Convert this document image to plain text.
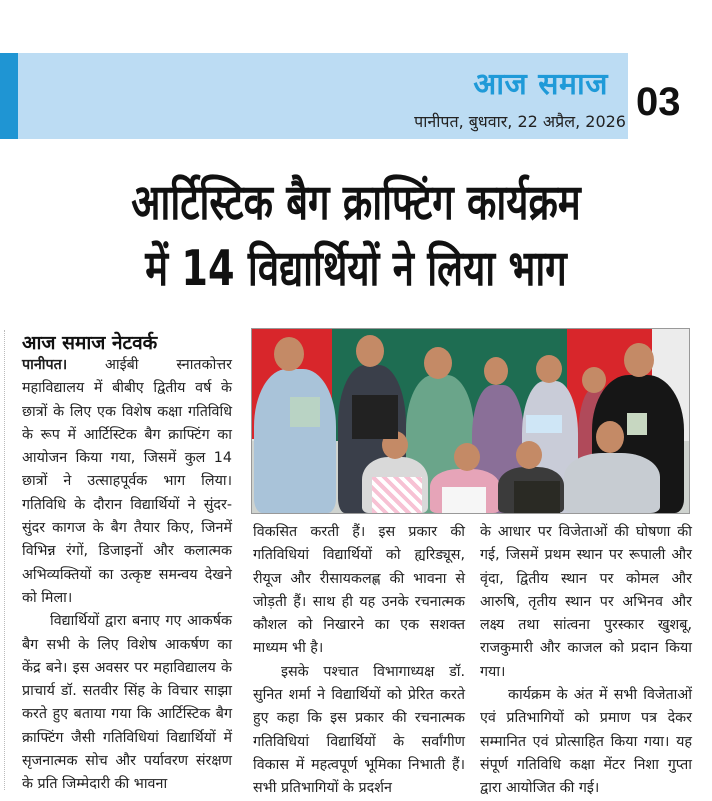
आज समाज
पानीपत, बुधवार, 22 अप्रैल, 2026 03
आर्टिस्टिक बैग क्राफ्टिंग कार्यक्रम
में 14 विद्यार्थियों ने लिया भाग
आज समाज नेटवर्क

पानीपत। आईबी स्नातकोत्तर महाविद्यालय में बीबीए द्वितीय वर्ष के छात्रों के लिए एक विशेष कक्षा गतिविधि के रूप में आर्टिस्टिक बैग क्राफ्टिंग का आयोजन किया गया, जिसमें कुल 14 छात्रों ने उत्साहपूर्वक भाग लिया। गतिविधि के दौरान विद्यार्थियों ने सुंदर-सुंदर कागज के बैग तैयार किए, जिनमें विभिन्न रंगों, डिजाइनों और कलात्मक अभिव्यक्तियों का उत्कृष्ट समन्वय देखने को मिला।

विद्यार्थियों द्वारा बनाए गए आकर्षक बैग सभी के लिए विशेष आकर्षण का केंद्र बने। इस अवसर पर महाविद्यालय के प्राचार्य डॉ. सतवीर सिंह के विचार साझा करते हुए बताया गया कि आर्टिस्टिक बैग क्राफ्टिंग जैसी गतिविधियां विद्यार्थियों में सृजनात्मक सोच और पर्यावरण संरक्षण के प्रति जिम्मेदारी की भावना

विकसित करती हैं। इस प्रकार की गतिविधियां विद्यार्थियों को ह्यरिड्यूस, रीयूज और रीसायकलह्ण की भावना से जोड़ती हैं। साथ ही यह उनके रचनात्मक कौशल को निखारने का एक सशक्त माध्यम भी है।

इसके पश्चात विभागाध्यक्ष डॉ. सुनित शर्मा ने विद्यार्थियों को प्रेरित करते हुए कहा कि इस प्रकार की रचनात्मक गतिविधियां विद्यार्थियों के सर्वांगीण विकास में महत्वपूर्ण भूमिका निभाती हैं। सभी प्रतिभागियों के प्रदर्शन

के आधार पर विजेताओं की घोषणा की गई, जिसमें प्रथम स्थान पर रूपाली और वृंदा, द्वितीय स्थान पर कोमल और आरुषि, तृतीय स्थान पर अभिनव और लक्ष्य तथा सांत्वना पुरस्कार खुशबू, राजकुमारी और काजल को प्रदान किया गया।

कार्यक्रम के अंत में सभी विजेताओं एवं प्रतिभागियों को प्रमाण पत्र देकर सम्मानित एवं प्रोत्साहित किया गया। यह संपूर्ण गतिविधि कक्षा मेंटर निशा गुप्ता द्वारा आयोजित की गई।
